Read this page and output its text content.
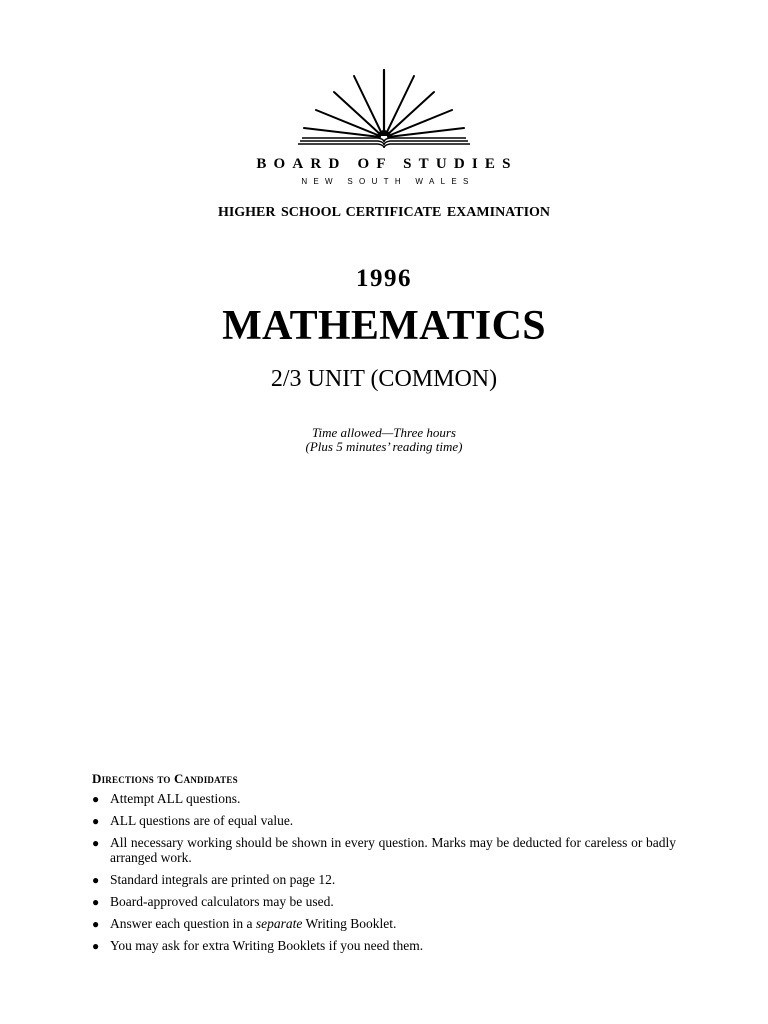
BOARD OF STUDIES
NEW SOUTH WALES
HIGHER SCHOOL CERTIFICATE EXAMINATION
1996
MATHEMATICS
2/3 UNIT (COMMON)
Time allowed—Three hours
(Plus 5 minutes’ reading time)
Directions to Candidates
● Attempt ALL questions.
● ALL questions are of equal value.
● All necessary working should be shown in every question. Marks may be deducted for careless or badly arranged work.
● Standard integrals are printed on page 12.
● Board-approved calculators may be used.
● Answer each question in a separate Writing Booklet.
● You may ask for extra Writing Booklets if you need them.
